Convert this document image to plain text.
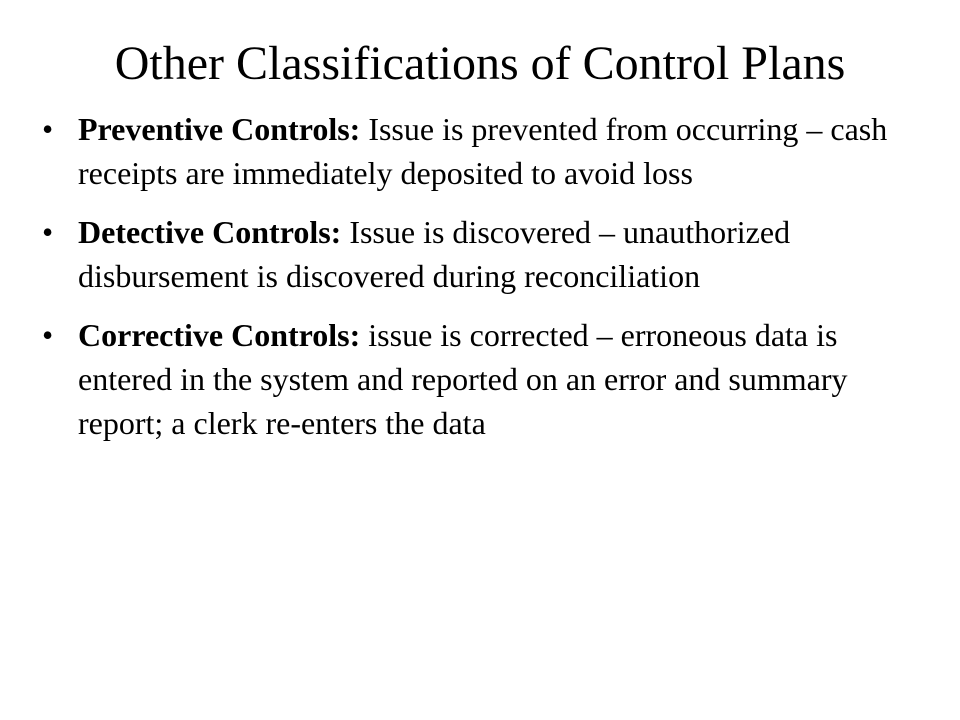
Other Classifications of Control Plans
• Preventive Controls: Issue is prevented from occurring – cash receipts are immediately deposited to avoid loss
• Detective Controls: Issue is discovered – unauthorized disbursement is discovered during reconciliation
• Corrective Controls: issue is corrected – erroneous data is entered in the system and reported on an error and summary report; a clerk re-enters the data
